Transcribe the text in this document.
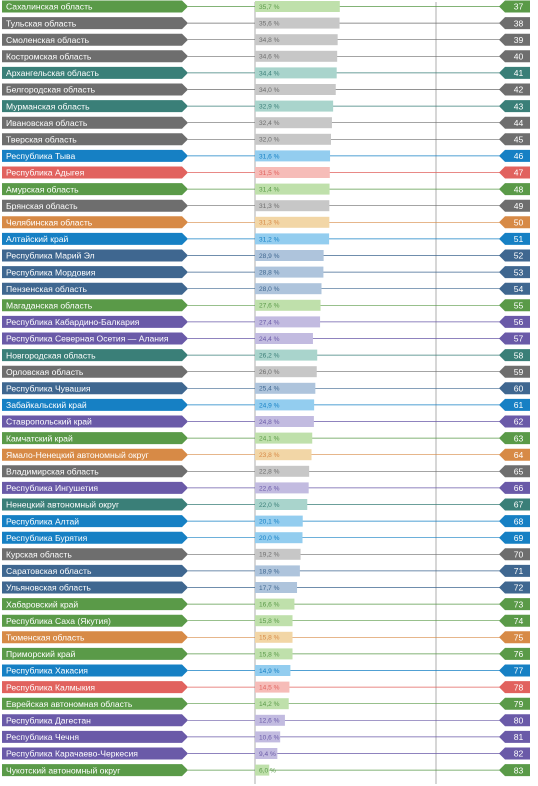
Сахалинская область	35,7 %	37
Тульская область	35,6 %	38
Смоленская область	34,8 %	39
Костромская область	34,6 %	40
Архангельская область	34,4 %	41
Белгородская область	34,0 %	42
Мурманская область	32,9 %	43
Ивановская область	32,4 %	44
Тверская область	32,0 %	45
Республика Тыва	31,6 %	46
Республика Адыгея	31,5 %	47
Амурская область	31,4 %	48
Брянская область	31,3 %	49
Челябинская область	31,3 %	50
Алтайский край	31,2 %	51
Республика Марий Эл	28,9 %	52
Республика Мордовия	28,8 %	53
Пензенская область	28,0 %	54
Магаданская область	27,6 %	55
Республика Кабардино-Балкария	27,4 %	56
Республика Северная Осетия — Алания	24,4 %	57
Новгородская область	26,2 %	58
Орловская область	26,0 %	59
Республика Чувашия	25,4 %	60
Забайкальский край	24,9 %	61
Ставропольский край	24,8 %	62
Камчатский край	24,1 %	63
Ямало-Ненецкий автономный округ	23,8 %	64
Владимирская область	22,8 %	65
Республика Ингушетия	22,6 %	66
Ненецкий автономный округ	22,0 %	67
Республика Алтай	20,1 %	68
Республика Бурятия	20,0 %	69
Курская область	19,2 %	70
Саратовская область	18,9 %	71
Ульяновская область	17,7 %	72
Хабаровский край	16,6 %	73
Республика Саха (Якутия)	15,8 %	74
Тюменская область	15,8 %	75
Приморский край	15,8 %	76
Республика Хакасия	14,9 %	77
Республика Калмыкия	14,5 %	78
Еврейская автономная область	14,2 %	79
Республика Дагестан	12,6 %	80
Республика Чечня	10,6 %	81
Республика Карачаево-Черкесия	9,4 %	82
Чукотский автономный округ	6,0 %	83
